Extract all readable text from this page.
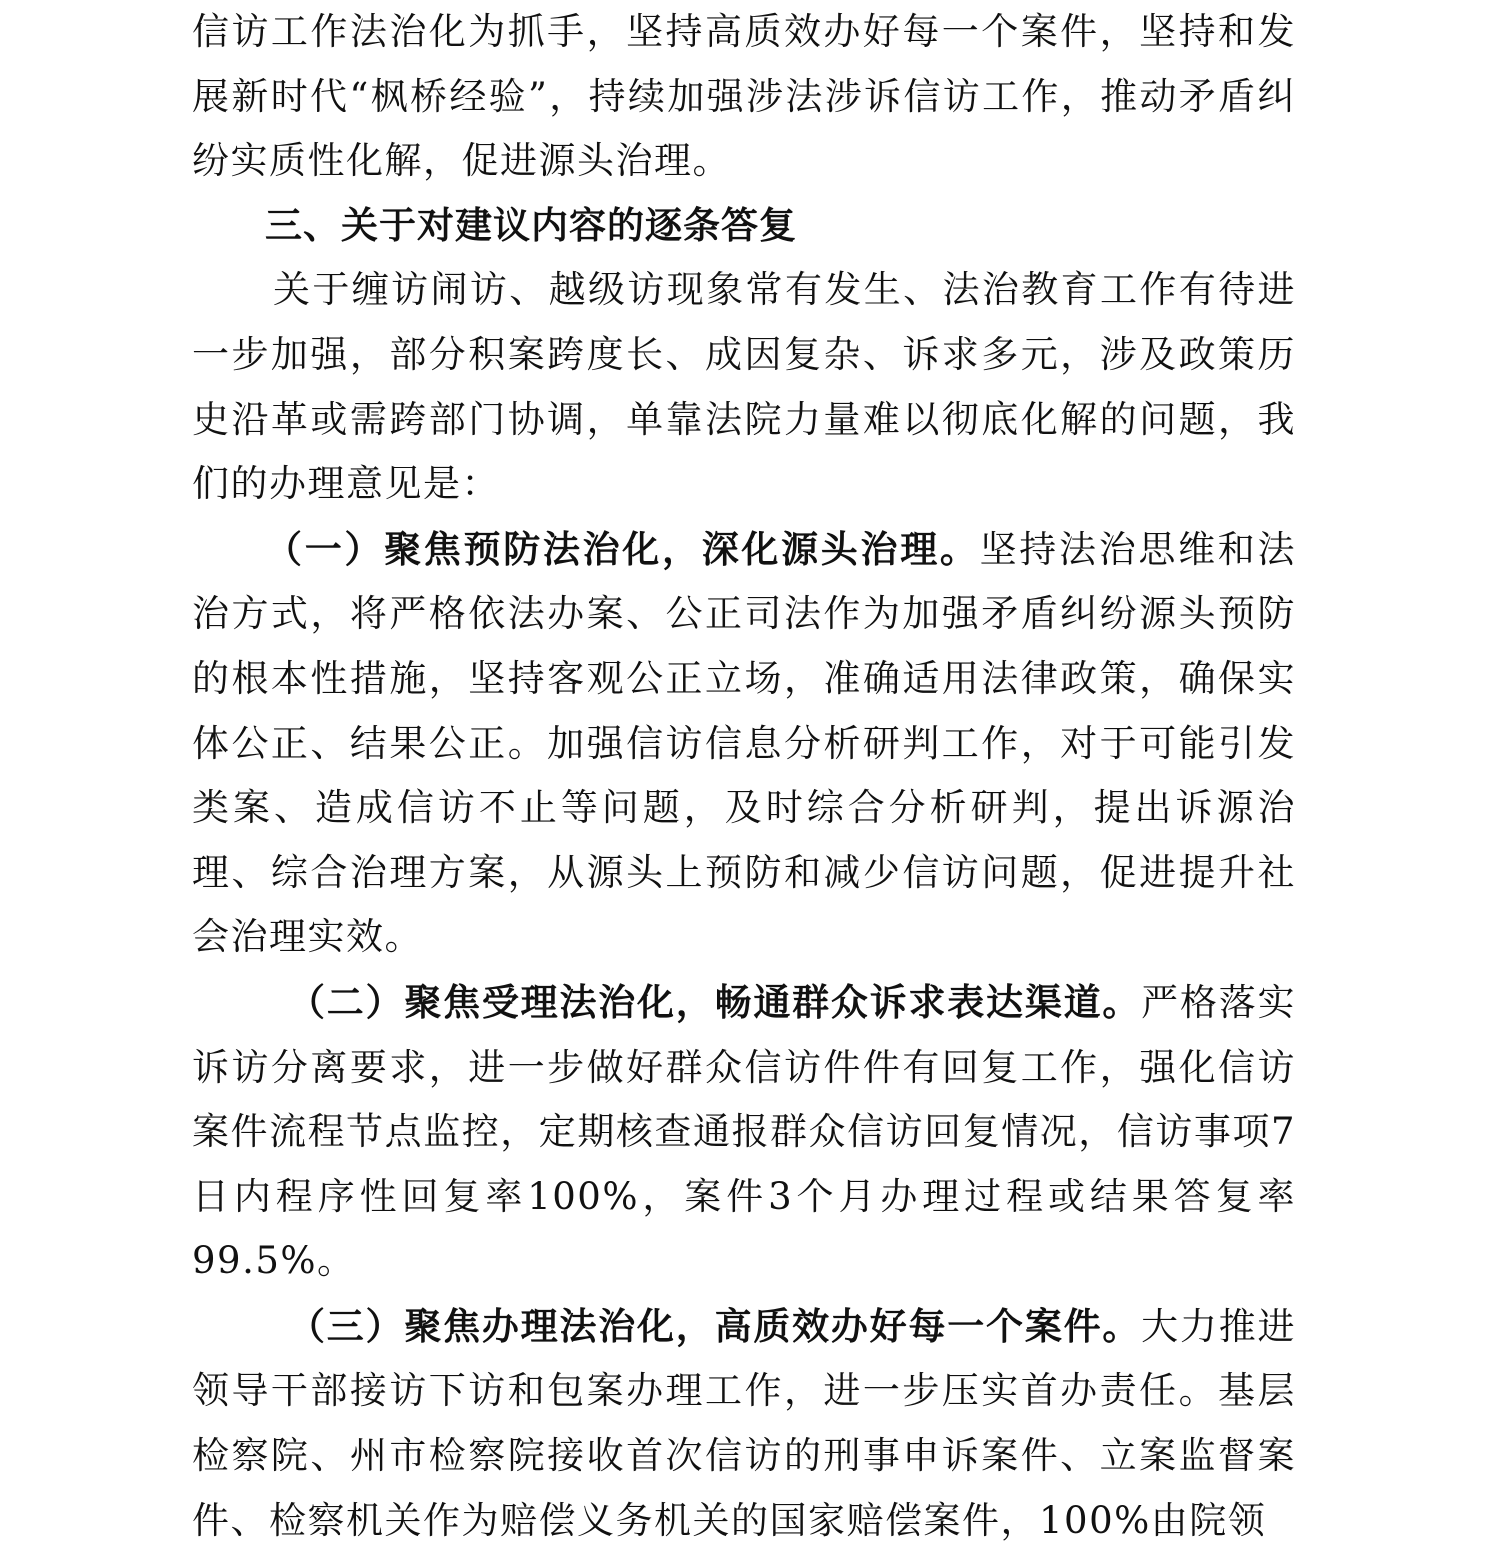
信访工作法治化为抓手，坚持高质效办好每一个案件，坚持和发展新时代“枫桥经验”，持续加强涉法涉诉信访工作，推动矛盾纠纷实质性化解，促进源头治理。

三、关于对建议内容的逐条答复

关于缠访闹访、越级访现象常有发生、法治教育工作有待进一步加强，部分积案跨度长、成因复杂、诉求多元，涉及政策历史沿革或需跨部门协调，单靠法院力量难以彻底化解的问题，我们的办理意见是：

（一）聚焦预防法治化，深化源头治理。坚持法治思维和法治方式，将严格依法办案、公正司法作为加强矛盾纠纷源头预防的根本性措施，坚持客观公正立场，准确适用法律政策，确保实体公正、结果公正。加强信访信息分析研判工作，对于可能引发类案、造成信访不止等问题，及时综合分析研判，提出诉源治理、综合治理方案，从源头上预防和减少信访问题，促进提升社会治理实效。

（二）聚焦受理法治化，畅通群众诉求表达渠道。严格落实诉访分离要求，进一步做好群众信访件件有回复工作，强化信访案件流程节点监控，定期核查通报群众信访回复情况，信访事项7日内程序性回复率100%，案件3个月办理过程或结果答复率99.5%。

（三）聚焦办理法治化，高质效办好每一个案件。大力推进领导干部接访下访和包案办理工作，进一步压实首办责任。基层检察院、州市检察院接收首次信访的刑事申诉案件、立案监督案件、检察机关作为赔偿义务机关的国家赔偿案件，100%由院领
